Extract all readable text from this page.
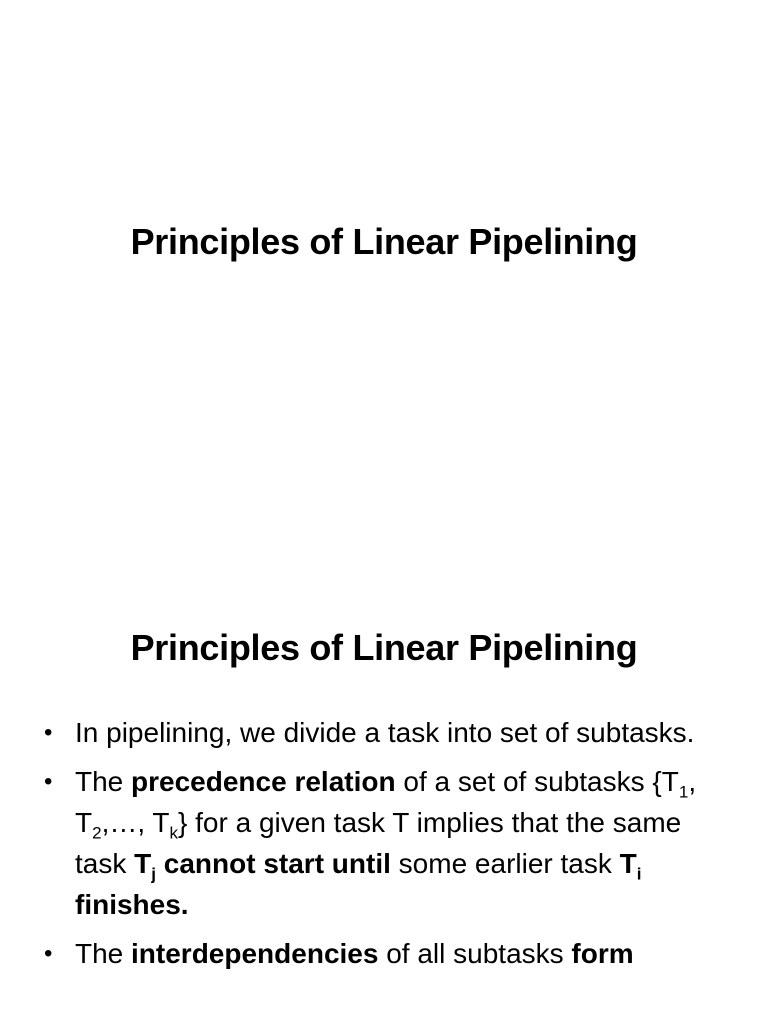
Principles of Linear Pipelining
Principles of Linear Pipelining
• In pipelining, we divide a task into set of subtasks.
• The precedence relation of a set of subtasks {$T_1$, $T_2,\dots$, $T_k$} for a given task T implies that the same task $T_j$ cannot start until some earlier task $T_i$ finishes.
• The interdependencies of all subtasks form
